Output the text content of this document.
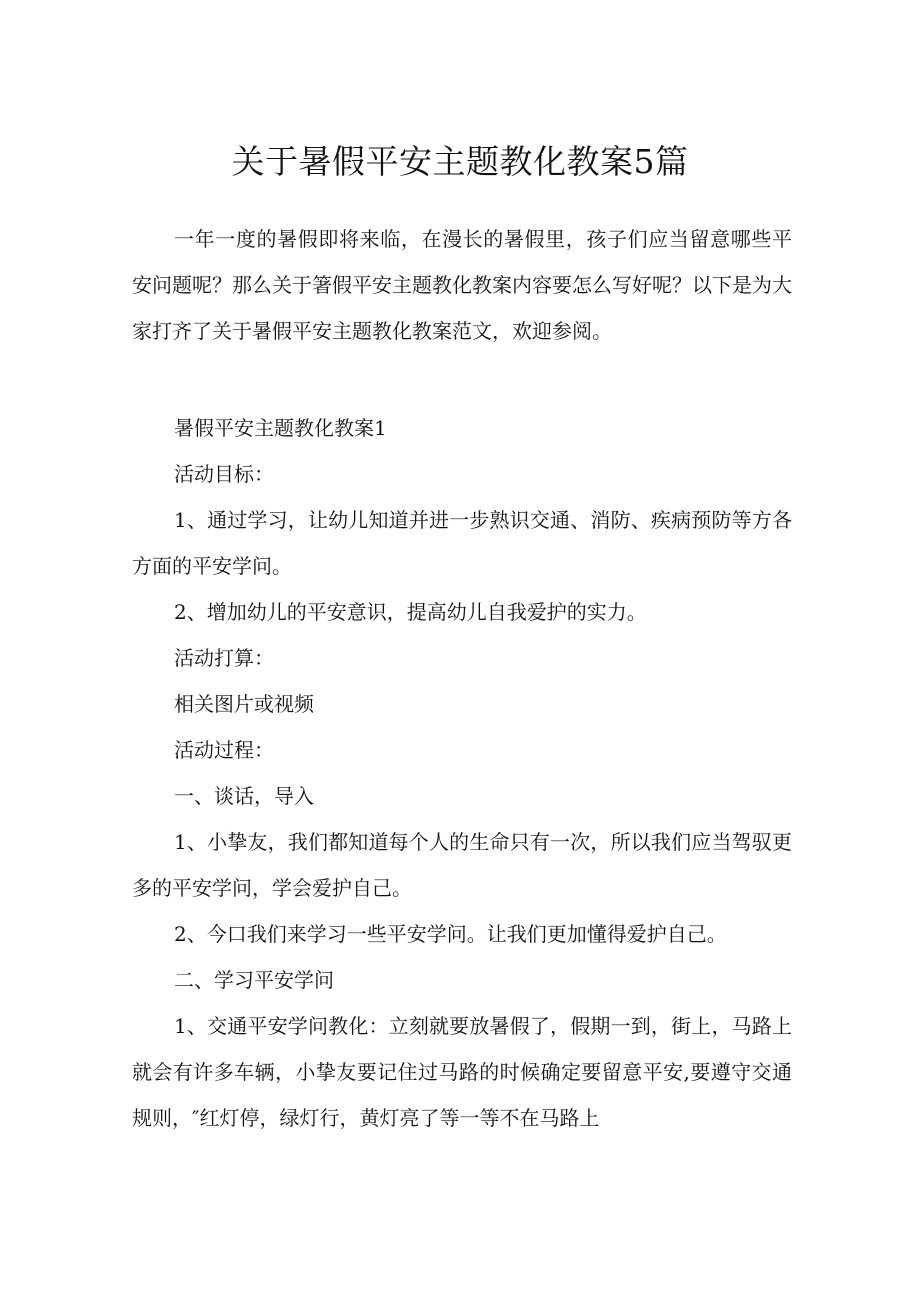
关于暑假平安主题教化教案5篇

一年一度的暑假即将来临，在漫长的暑假里，孩子们应当留意哪些平安问题呢？那么关于箸假平安主题教化教案内容要怎么写好呢？以下是为大家打齐了关于暑假平安主题教化教案范文，欢迎参阅。

暑假平安主题教化教案1

活动目标：

1、通过学习，让幼儿知道并进一步熟识交通、消防、疾病预防等方各方面的平安学问。

2、增加幼儿的平安意识，提高幼儿自我爱护的实力。

活动打算：

相关图片或视频

活动过程：

一、谈话，导入

1、小挚友，我们都知道每个人的生命只有一次，所以我们应当驾驭更多的平安学问，学会爱护自己。

2、今口我们来学习一些平安学问。让我们更加懂得爱护自己。

二、学习平安学问

1、交通平安学问教化：立刻就要放暑假了，假期一到，街上，马路上就会有许多车辆，小挚友要记住过马路的时候确定要留意平安,要遵守交通规则，″红灯停，绿灯行，黄灯亮了等一等不在马路上
